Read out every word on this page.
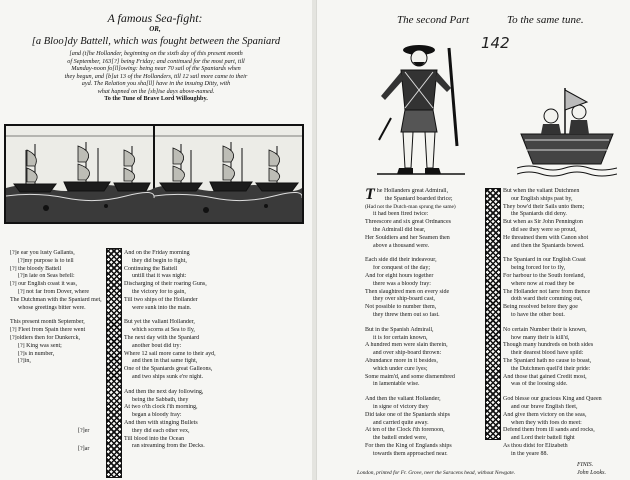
A famous Sea-fight:
OR,
[a Bloo]dy Battell, which was fought between the Spaniard
[and (t]he Hollander, beginning on the sixth day of this present month
of September, 163[?] being Friday; and continued for the most part, till
Munday-noon fo[ll]owing: being near 70 sail of the Spaniards when
they begun, and [b]ut 13 of the Hollanders, till 12 sail more came to their
ayd. The Relation you sha[ll] have in the insuing Ditty, with
what hapned on the [sh]ise days above-named.
To the Tune of Brave Lord Willoughby.
[?]e ear you lusty Gallants,
[?]my purpose is to tell
[?] the bloody Battell
[?]n late on Seas befell:
[?] our English coast it was,
[?] not far from Dover, where
The Dutchman with the Spaniard met,
whose greetings bitter were.
This present month September,
[?] Fleet from Spain there went
[?]oldiers then for Dunkerck,
[?] King was sent;
[?]s in number,
[?]in,
[?]er
[?]ar
And on the Friday morning
they did begin to fight,
Continuing the Battell
untill that it was night:
Discharging of their roaring Guns,
the victory for to gain,
Till two ships of the Hollander
were sunk into the main.
But yet the valiant Hollander,
which scorns at Sea to fly,
The next day with the Spaniard
another bout did try:
Where 12 sail more came to their ayd,
and then in that same fight,
One of the Spaniards great Galleons,
and two ships sunk e're night.
And then the next day following,
being the Sabbath, they
At two o'th clock i'th morning,
began a bloody fray:
And then with stinging Bullets
they did each other vex,
Till blood into the Ocean
ran streaming from the Decks.
The second Part
142
To the same tune.
T he Hollanders great Admirall,
the Spaniard boarded thrice;
(Had not the Dutch-man sprung the same)
it had been fired twice:
Threescore and six great Ordnances
the Admirall did bear,
Her Souldiers and her Seamen then
above a thousand were.
Each side did their indeavour,
for conquest of the day;
And for eight hours together
there was a bloody fray:
Then slaughtred men on every side
they over ship-board cast,
Not possible to number them,
they threw them out so fast.
But in the Spanish Admirall,
it is for certain known,
A hundred men were slain therein,
and over ship-board thrown:
Abundance more in it besides,
which under cure lyes;
Some maim'd, and some dismembred
in lamentable wise.
And then the valiant Hollander,
in signe of victory they
Did take one of the Spaniards ships
and carried quite away.
At ten of the Clock i'th forenoon,
the battell ended were,
For then the King of Englands ships
towards them approached near.
But when the valiant Dutchmen
our English ships past by,
They bow'd their Sails unto them;
the Spaniards did deny.
But when as Sir John Pennington
did see they were so proud,
He threatned them with Canon shot
and then the Spaniards bowed.
The Spaniard in our English Coast
being forced for to fly,
For harbour to the South foreland,
where now at road they be
The Hollander not farre from thence
doth ward their comming out,
Being resolved before they goe
to have the other bout.
No certain Number their is known,
how many their is kill'd,
Though many hundreds on both sides
their dearest blood have spild:
The Spaniard hath no cause to boast,
the Dutchmen quell'd their pride:
And those that gained Credit most,
was of the loosing side.
God blesse our gracious King and Queen
and our brave English fleet,
And give them victory on the seas,
when they with foes do meet:
Defend them from ill sands and rocks,
and Lord their battell fight
As thou didst for Elizabeth
in the yeare 88.
FINIS.
London, printed for Fr. Grove, neer the Saracens head, without Newgate.	John Looks.
